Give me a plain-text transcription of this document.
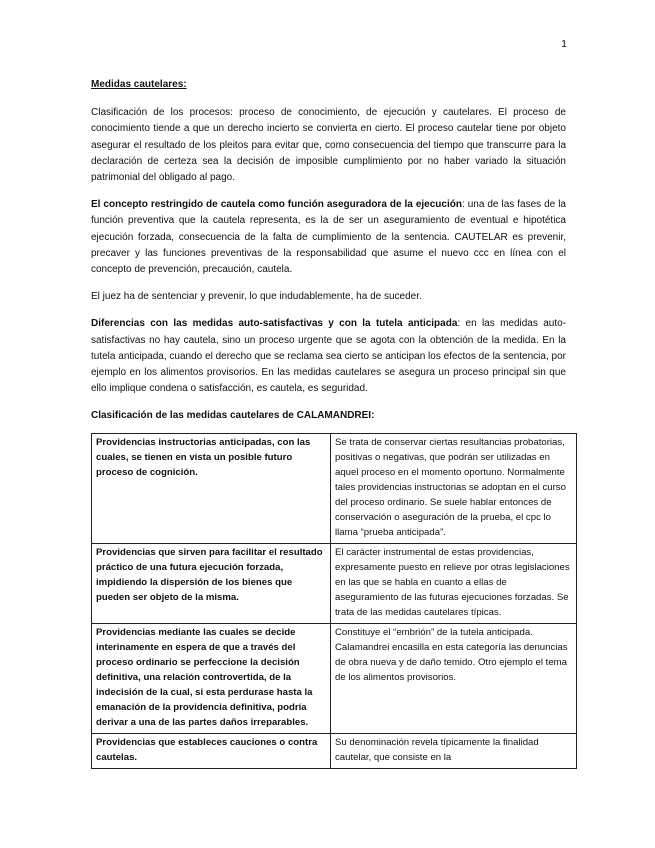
1
Medidas cautelares:

Clasificación de los procesos: proceso de conocimiento, de ejecución y cautelares. El proceso de conocimiento tiende a que un derecho incierto se convierta en cierto. El proceso cautelar tiene por objeto asegurar el resultado de los pleitos para evitar que, como consecuencia del tiempo que transcurre para la declaración de certeza sea la decisión de imposible cumplimiento por no haber variado la situación patrimonial del obligado al pago.

El concepto restringido de cautela como función aseguradora de la ejecución: una de las fases de la función preventiva que la cautela representa, es la de ser un aseguramiento de eventual e hipotética ejecución forzada, consecuencia de la falta de cumplimiento de la sentencia. CAUTELAR es prevenir, precaver y las funciones preventivas de la responsabilidad que asume el nuevo ccc en línea con el concepto de prevención, precaución, cautela.

El juez ha de sentenciar y prevenir, lo que indudablemente, ha de suceder.

Diferencias con las medidas auto-satisfactivas y con la tutela anticipada: en las medidas auto-satisfactivas no hay cautela, sino un proceso urgente que se agota con la obtención de la medida. En la tutela anticipada, cuando el derecho que se reclama sea cierto se anticipan los efectos de la sentencia, por ejemplo en los alimentos provisorios. En las medidas cautelares se asegura un proceso principal sin que ello implique condena o satisfacción, es cautela, es seguridad.

Clasificación de las medidas cautelares de CALAMANDREI:
Providencias instructorias anticipadas, con las cuales, se tienen en vista un posible futuro proceso de cognición.	Se trata de conservar ciertas resultancias probatorias, positivas o negativas, que podrán ser utilizadas en aquel proceso en el momento oportuno. Normalmente tales providencias instructorias se adoptan en el curso del proceso ordinario. Se suele hablar entonces de conservación o aseguración de la prueba, el cpc lo llama “prueba anticipada”.
Providencias que sirven para facilitar el resultado práctico de una futura ejecución forzada, impidiendo la dispersión de los bienes que pueden ser objeto de la misma.	El carácter instrumental de estas providencias, expresamente puesto en relieve por otras legislaciones en las que se habla en cuanto a ellas de aseguramiento de las futuras ejecuciones forzadas. Se trata de las medidas cautelares típicas.
Providencias mediante las cuales se decide interinamente en espera de que a través del proceso ordinario se perfeccione la decisión definitiva, una relación controvertida, de la indecisión de la cual, si esta perdurase hasta la emanación de la providencia definitiva, podría derivar a una de las partes daños irreparables.	Constituye el “embrión” de la tutela anticipada. Calamandrei encasilla en esta categoría las denuncias de obra nueva y de daño temido. Otro ejemplo el tema de los alimentos provisorios.
Providencias que estableces cauciones o contra cautelas.	Su denominación revela típicamente la finalidad cautelar, que consiste en la
